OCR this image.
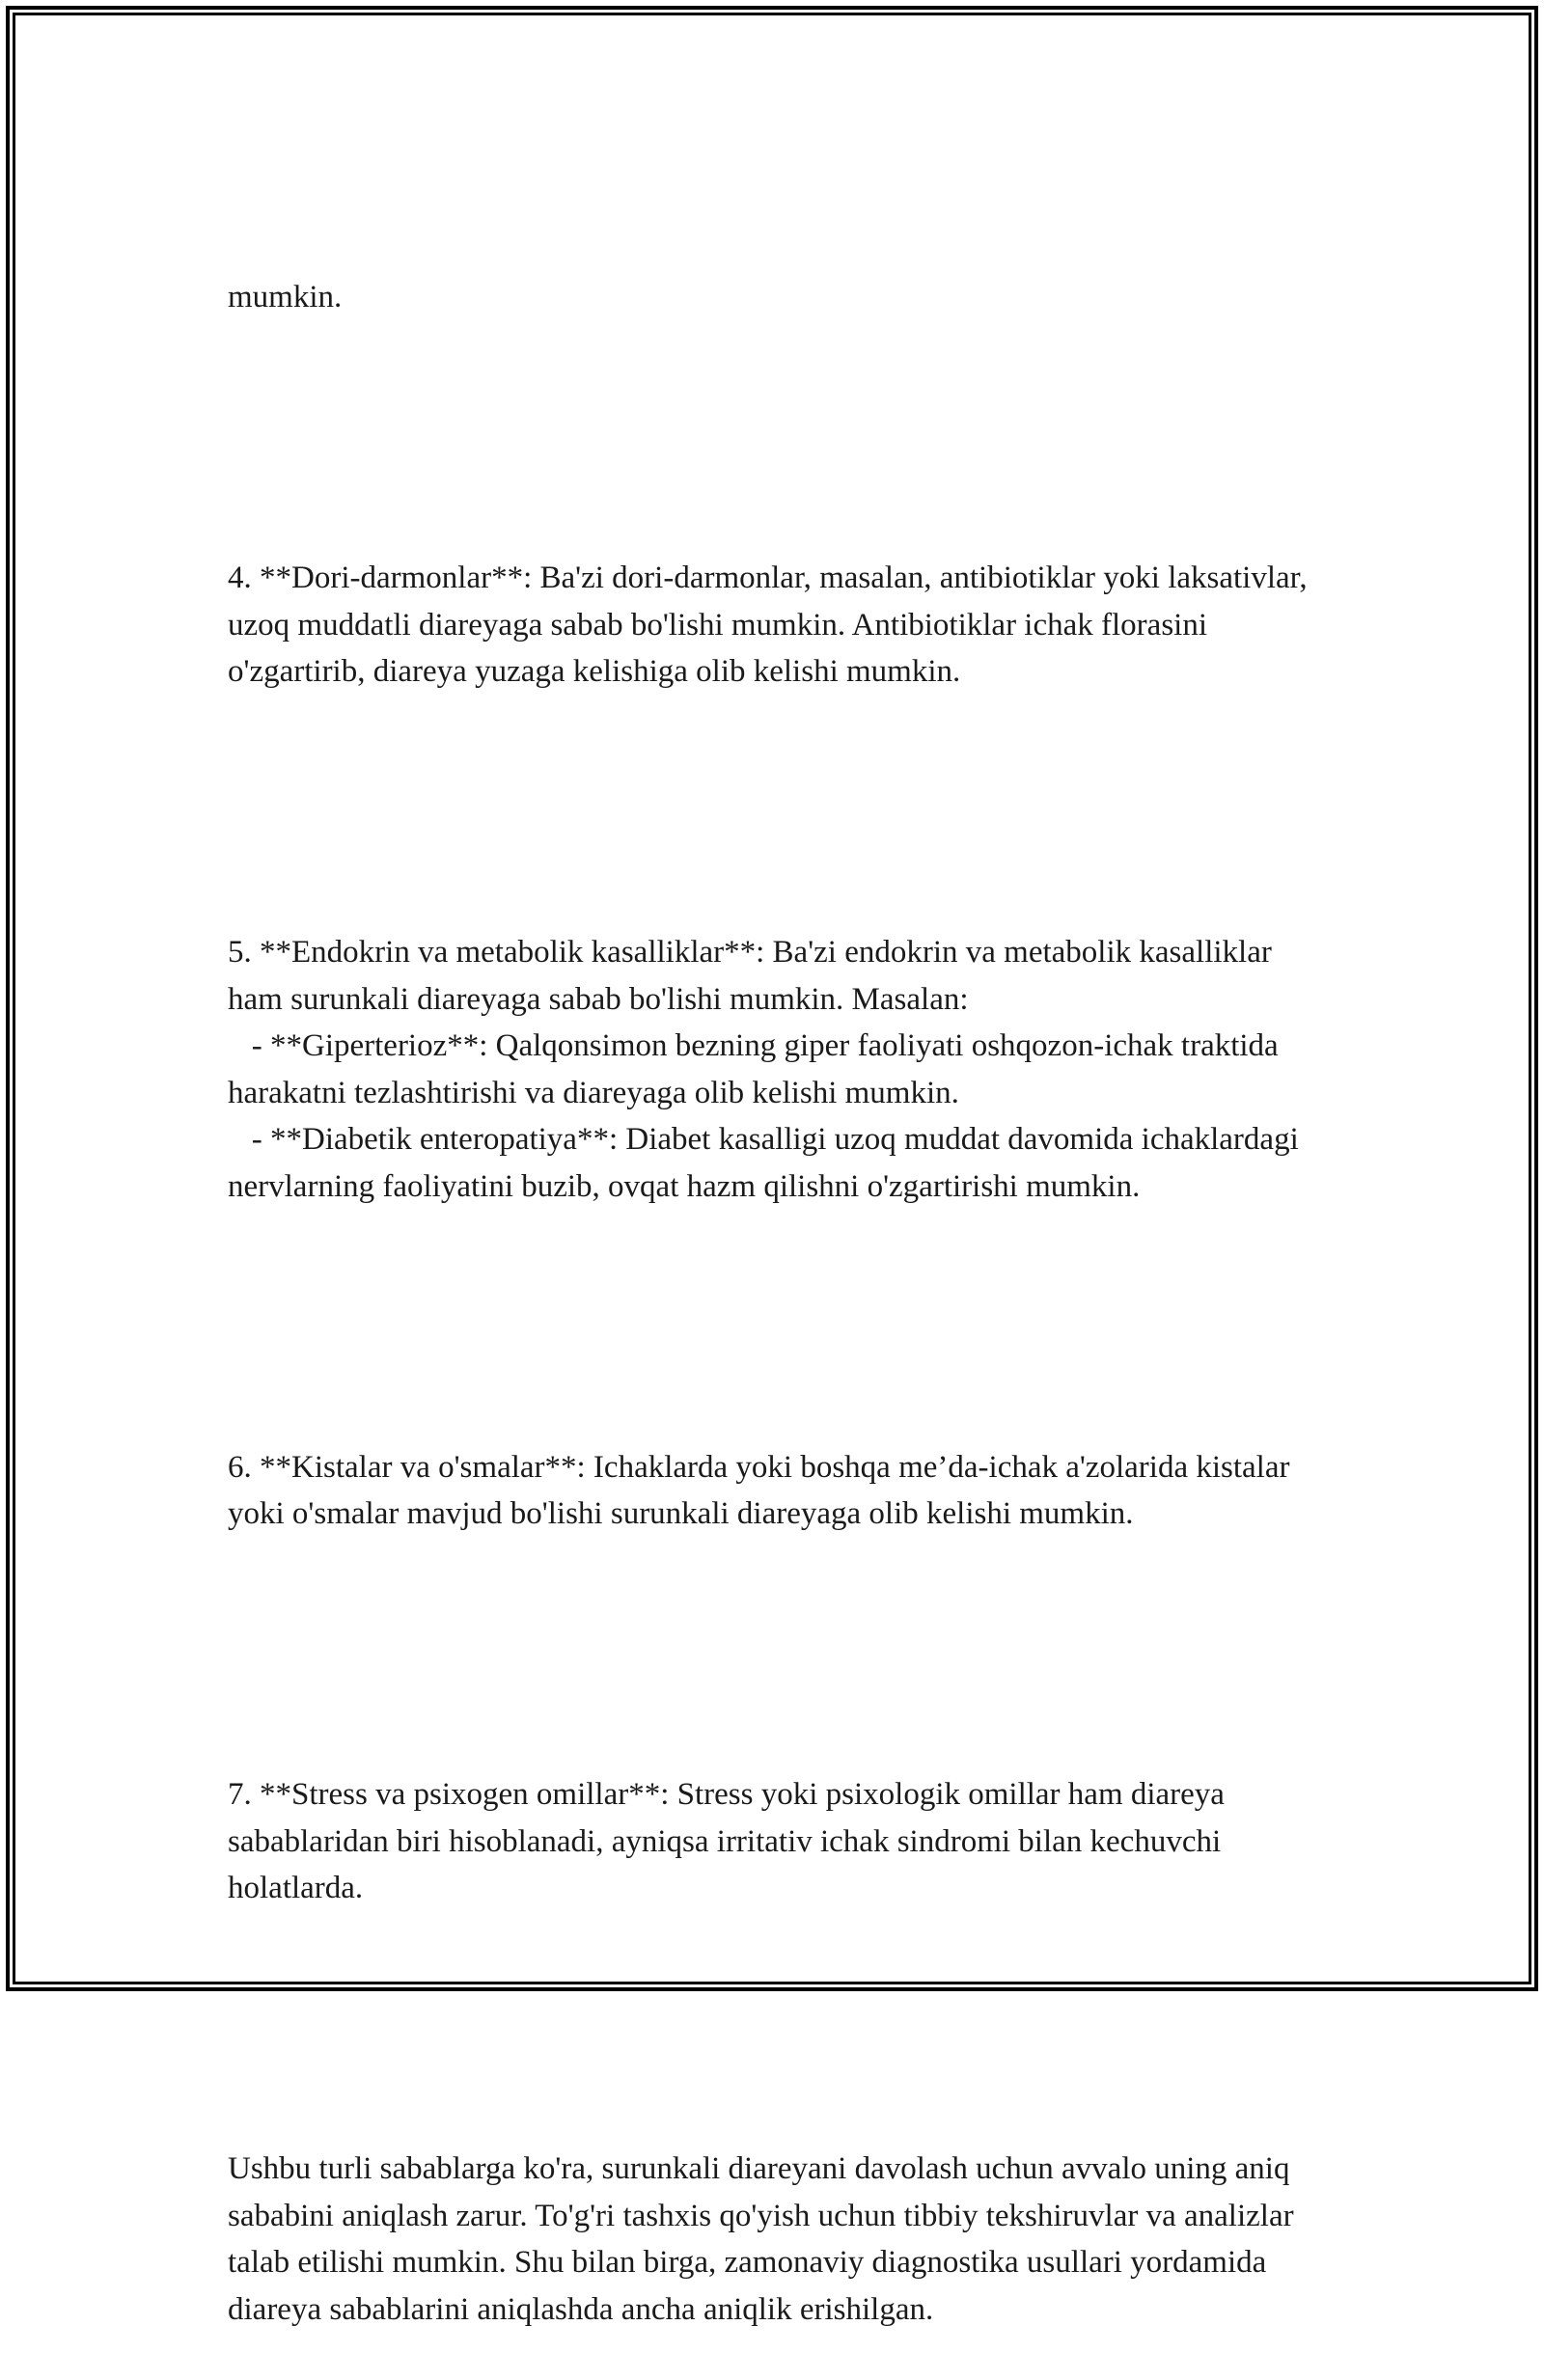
mumkin.

4. **Dori-darmonlar**: Ba'zi dori-darmonlar, masalan, antibiotiklar yoki laksativlar, uzoq muddatli diareyaga sabab bo'lishi mumkin. Antibiotiklar ichak florasini o'zgartirib, diareya yuzaga kelishiga olib kelishi mumkin.

5. **Endokrin va metabolik kasalliklar**: Ba'zi endokrin va metabolik kasalliklar ham surunkali diareyaga sabab bo'lishi mumkin. Masalan:
- **Giperterioz**: Qalqonsimon bezning giper faoliyati oshqozon-ichak traktida harakatni tezlashtirishi va diareyaga olib kelishi mumkin.
- **Diabetik enteropatiya**: Diabet kasalligi uzoq muddat davomida ichaklardagi nervlarning faoliyatini buzib, ovqat hazm qilishni o'zgartirishi mumkin.

6. **Kistalar va o'smalar**: Ichaklarda yoki boshqa me’da-ichak a'zolarida kistalar yoki o'smalar mavjud bo'lishi surunkali diareyaga olib kelishi mumkin.

7. **Stress va psixogen omillar**: Stress yoki psixologik omillar ham diareya sabablaridan biri hisoblanadi, ayniqsa irritativ ichak sindromi bilan kechuvchi holatlarda.

Ushbu turli sabablarga ko'ra, surunkali diareyani davolash uchun avvalo uning aniq sababini aniqlash zarur. To'g'ri tashxis qo'yish uchun tibbiy tekshiruvlar va analizlar talab etilishi mumkin. Shu bilan birga, zamonaviy diagnostika usullari yordamida diareya sabablarini aniqlashda ancha aniqlik erishilgan.
